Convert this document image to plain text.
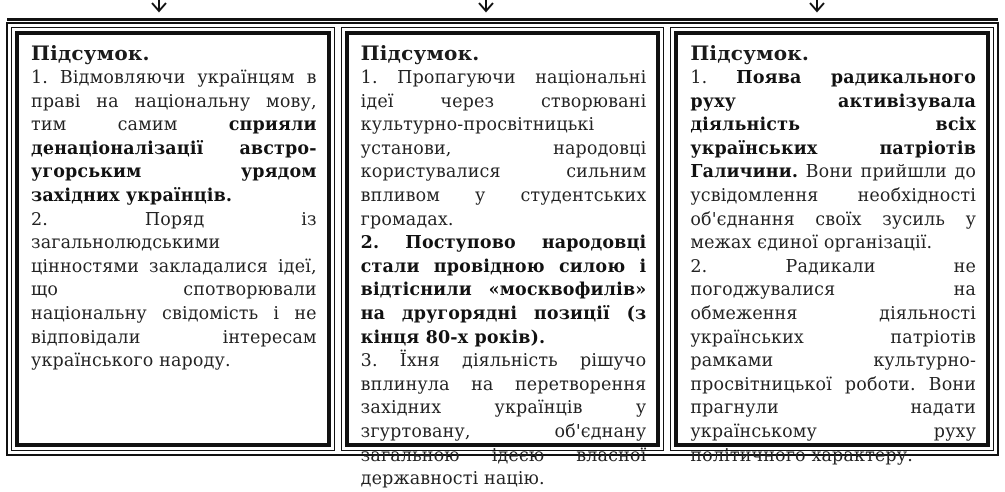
Підсумок.
1. Відмовляючи українцям в праві на національну мову, тим самим сприяли денаціоналізації австро-угорським урядом західних українців.
2. Поряд із загальнолюдськими цінностями закладалися ідеї, що спотворювали національну свідомість і не відповідали інтересам українського народу.
Підсумок.
1. Пропагуючи національні ідеї через створювані культурно-просвітницькі установи, народовці користувалися сильним впливом у студентських громадах.
2. Поступово народовці стали провідною силою і відтіснили «москвофилів» на другорядні позиції (з кінця 80-х років).
3. Їхня діяльність рішучо вплинула на перетворення західних українців у згуртовану, об'єднану загальною ідеєю власної державності націю.
Підсумок.
1. Поява радикального руху активізувала діяльність всіх українських патріотів Галичини. Вони прийшли до усвідомлення необхідності об'єднання своїх зусиль у межах єдиної організації.
2. Радикали не погоджувалися на обмеження діяльності українських патріотів рамками культурно-просвітницької роботи. Вони прагнули надати українському руху політичного характеру.
